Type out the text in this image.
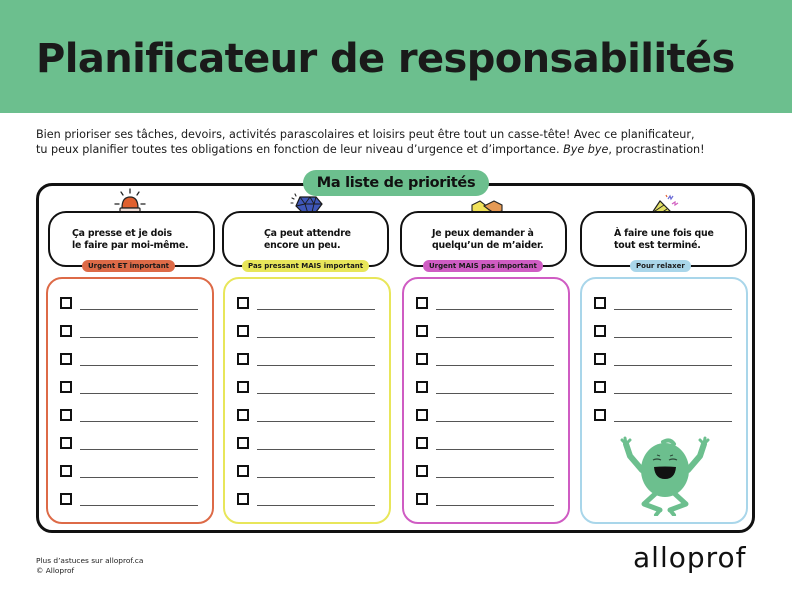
Planificateur de responsabilités
Bien prioriser ses tâches, devoirs, activités parascolaires et loisirs peut être tout un casse-tête! Avec ce planificateur,
tu peux planifier toutes tes obligations en fonction de leur niveau d’urgence et d’importance. Bye bye, procrastination!
Ma liste de priorités
Ça presse et je dois
le faire par moi-même.
Urgent ET important
Ça peut attendre
encore un peu.
Pas pressant MAIS important
Je peux demander à
quelqu’un de m’aider.
Urgent MAIS pas important
À faire une fois que
tout est terminé.
Pour relaxer
Plus d’astuces sur alloprof.ca
© Alloprof	alloprof
